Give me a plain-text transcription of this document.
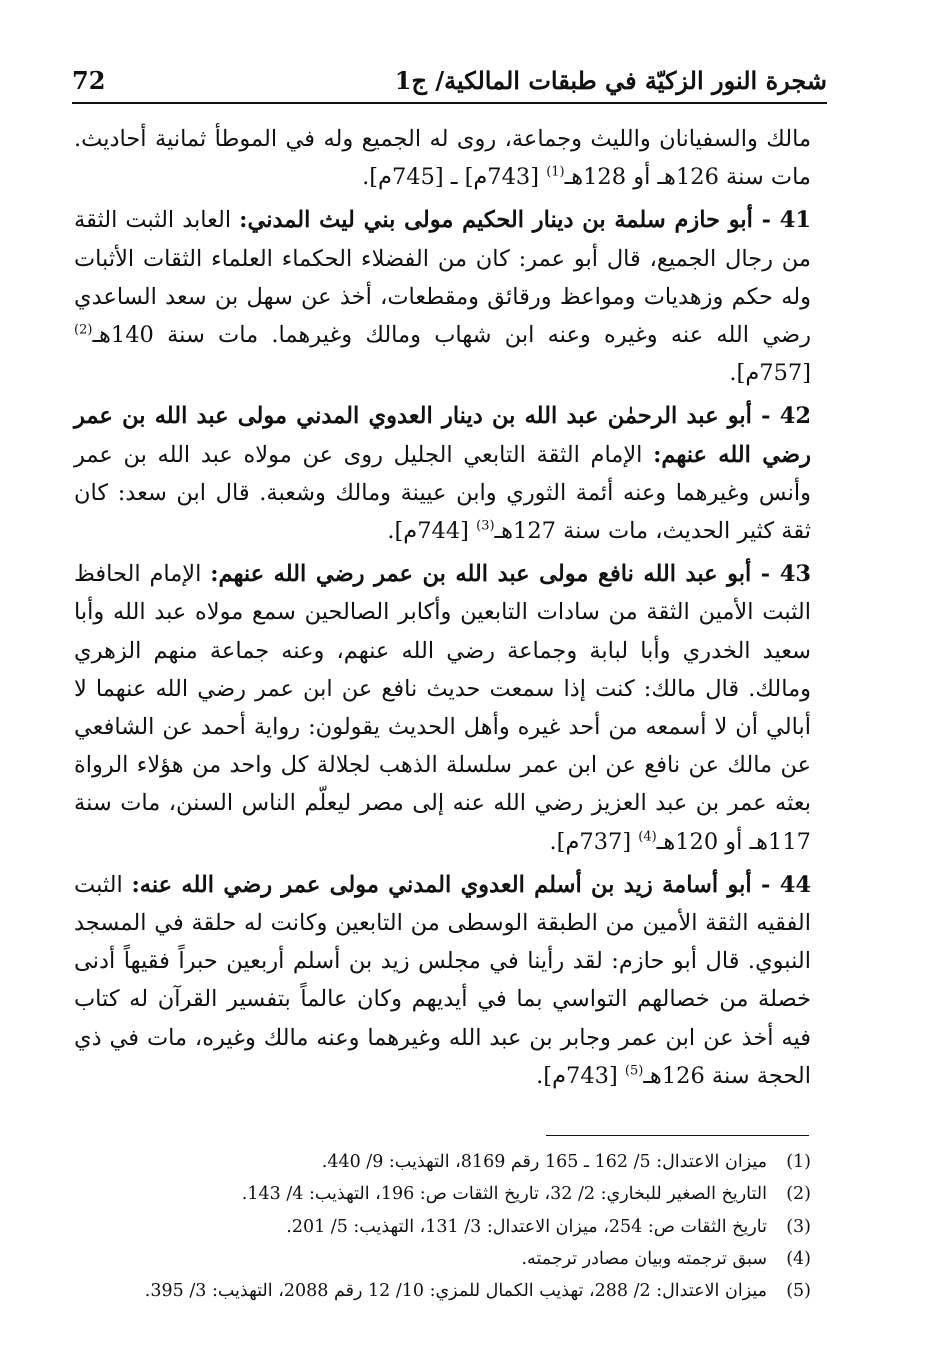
شجرة النور الزكيّة في طبقات المالكية/ ج1
72

مالك والسفيانان والليث وجماعة، روى له الجميع وله في الموطأ ثمانية أحاديث. مات سنة 126هـ أو 128هـ$^{(1)}$ [743م] ـ [745م].

41 - أبو حازم سلمة بن دينار الحكيم مولى بني ليث المدني: العابد الثبت الثقة من رجال الجميع، قال أبو عمر: كان من الفضلاء الحكماء العلماء الثقات الأثبات وله حكم وزهديات ومواعظ ورقائق ومقطعات، أخذ عن سهل بن سعد الساعدي رضي الله عنه وغيره وعنه ابن شهاب ومالك وغيرهما. مات سنة 140هـ$^{(2)}$ [757م].

42 - أبو عبد الرحمٰن عبد الله بن دينار العدوي المدني مولى عبد الله بن عمر رضي الله عنهم: الإمام الثقة التابعي الجليل روى عن مولاه عبد الله بن عمر وأنس وغيرهما وعنه أئمة الثوري وابن عيينة ومالك وشعبة. قال ابن سعد: كان ثقة كثير الحديث، مات سنة 127هـ$^{(3)}$ [744م].

43 - أبو عبد الله نافع مولى عبد الله بن عمر رضي الله عنهم: الإمام الحافظ الثبت الأمين الثقة من سادات التابعين وأكابر الصالحين سمع مولاه عبد الله وأبا سعيد الخدري وأبا لبابة وجماعة رضي الله عنهم، وعنه جماعة منهم الزهري ومالك. قال مالك: كنت إذا سمعت حديث نافع عن ابن عمر رضي الله عنهما لا أبالي أن لا أسمعه من أحد غيره وأهل الحديث يقولون: رواية أحمد عن الشافعي عن مالك عن نافع عن ابن عمر سلسلة الذهب لجلالة كل واحد من هؤلاء الرواة بعثه عمر بن عبد العزيز رضي الله عنه إلى مصر ليعلّم الناس السنن، مات سنة 117هـ أو 120هـ$^{(4)}$ [737م].

44 - أبو أسامة زيد بن أسلم العدوي المدني مولى عمر رضي الله عنه: الثبت الفقيه الثقة الأمين من الطبقة الوسطى من التابعين وكانت له حلقة في المسجد النبوي. قال أبو حازم: لقد رأينا في مجلس زيد بن أسلم أربعين حبراً فقيهاً أدنى خصلة من خصالهم التواسي بما في أيديهم وكان عالماً بتفسير القرآن له كتاب فيه أخذ عن ابن عمر وجابر بن عبد الله وغيرهما وعنه مالك وغيره، مات في ذي الحجة سنة 126هـ$^{(5)}$ [743م].

(1)ميزان الاعتدال: 5/ 162 ـ 165 رقم 8169، التهذيب: 9/ 440.
(2)التاريخ الصغير للبخاري: 2/ 32، تاريخ الثقات ص: 196، التهذيب: 4/ 143.
(3)تاريخ الثقات ص: 254، ميزان الاعتدال: 3/ 131، التهذيب: 5/ 201.
(4)سبق ترجمته وبيان مصادر ترجمته.
(5)ميزان الاعتدال: 2/ 288، تهذيب الكمال للمزي: 10/ 12 رقم 2088، التهذيب: 3/ 395.
